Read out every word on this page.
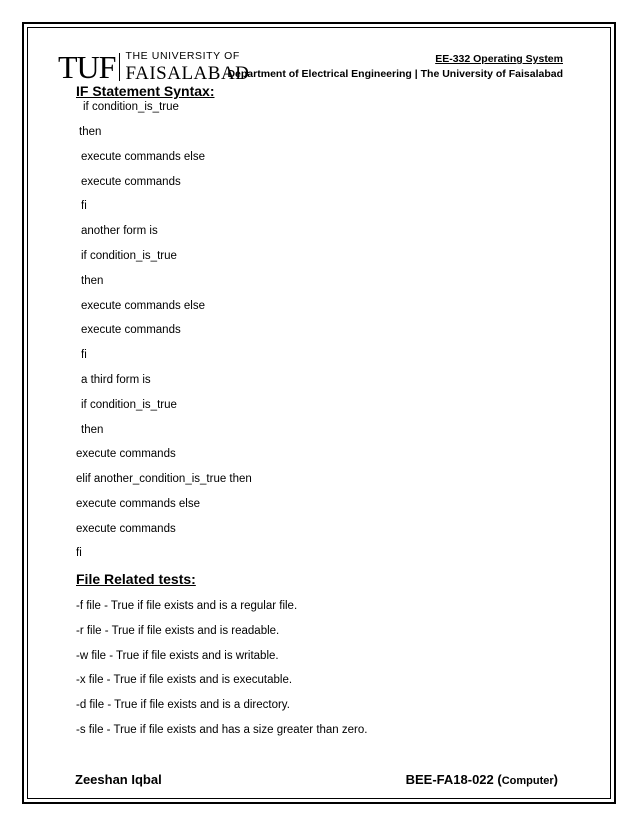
TUF THE UNIVERSITY OF
FAISALABAD
EE-332 Operating System
Department of Electrical Engineering | The University of Faisalabad
IF Statement Syntax:
if condition_is_true
then
execute commands else
execute commands
fi
another form is
if condition_is_true
then
execute commands else
execute commands
fi
a third form is
if condition_is_true
then
execute commands
elif another_condition_is_true then
execute commands else
execute commands
fi
File Related tests:
-f file - True if file exists and is a regular file.
-r file - True if file exists and is readable.
-w file - True if file exists and is writable.
-x file - True if file exists and is executable.
-d file - True if file exists and is a directory.
-s file - True if file exists and has a size greater than zero.
Zeeshan Iqbal	BEE-FA18-022 (Computer)
